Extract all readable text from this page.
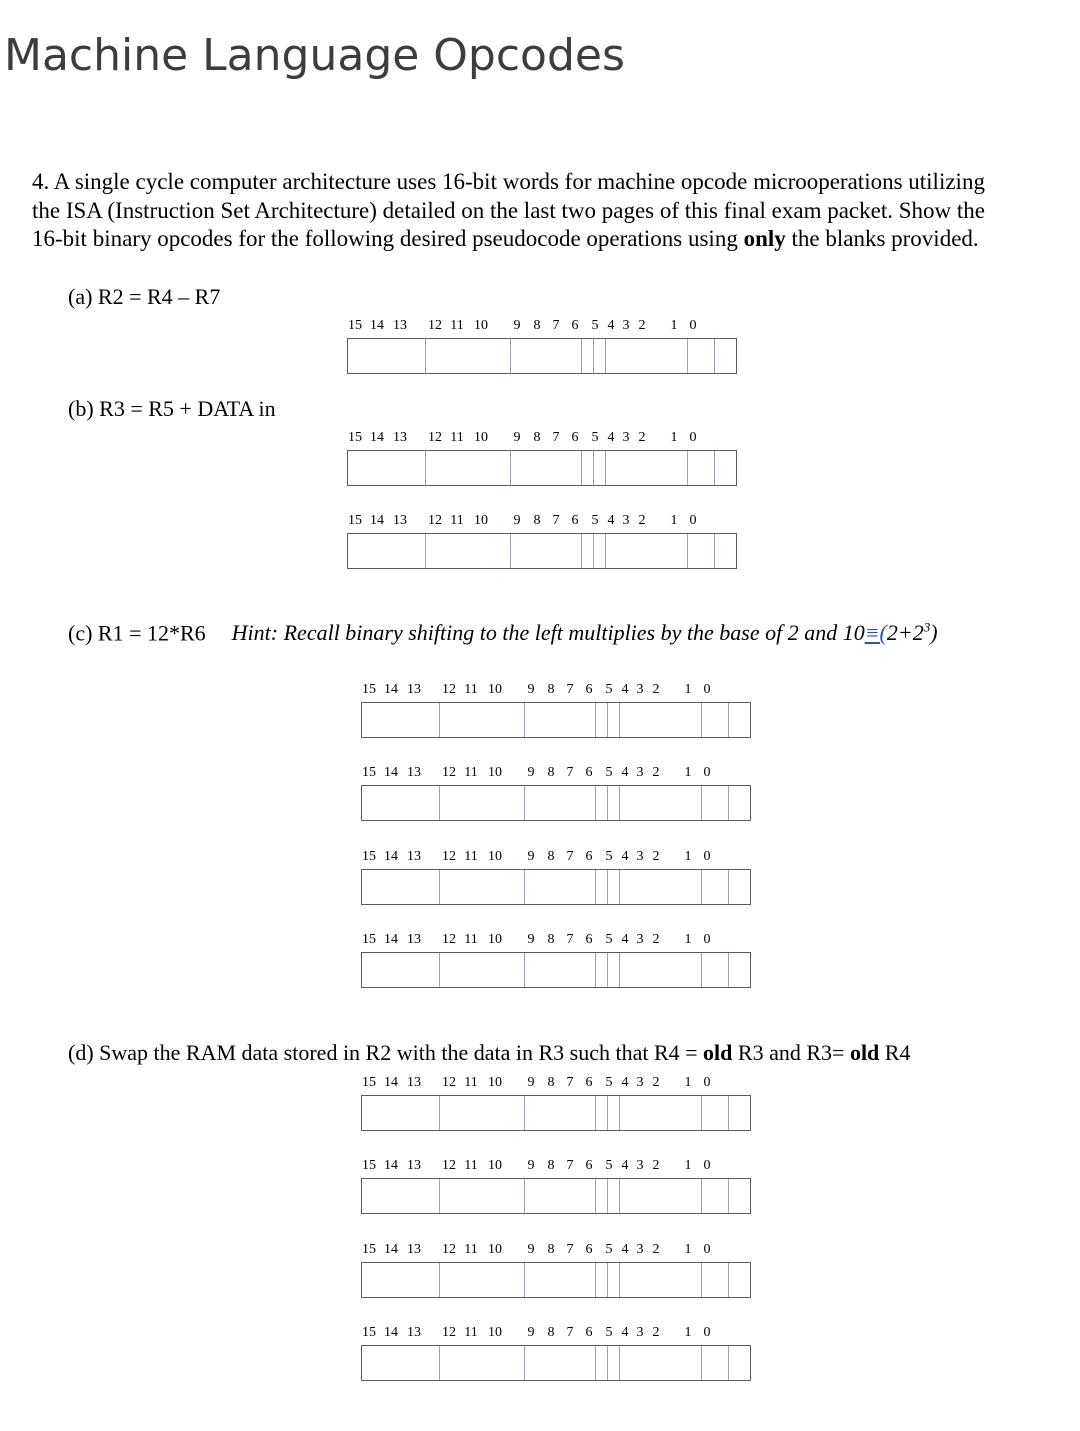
Machine Language Opcodes

4. A single cycle computer architecture uses 16-bit words for machine opcode microoperations utilizing

the ISA (Instruction Set Architecture) detailed on the last two pages of this final exam packet. Show the

16-bit binary opcodes for the following desired pseudocode operations using only the blanks provided.

(a) R2 = R4 – R7
(b) R3 = R5 + DATA in
(c) R1 = 12*R6 Hint: Recall binary shifting to the left multiplies by the base of 2 and $10\equiv(2+2^3)$
(d) Swap the RAM data stored in R2 with the data in R3 such that R4 = old R3 and R3= old R4
15 14 13 12 11 10 9 8 7 6 5 4 3 2 1 0
15 14 13 12 11 10 9 8 7 6 5 4 3 2 1 0
15 14 13 12 11 10 9 8 7 6 5 4 3 2 1 0
15 14 13 12 11 10 9 8 7 6 5 4 3 2 1 0
15 14 13 12 11 10 9 8 7 6 5 4 3 2 1 0
15 14 13 12 11 10 9 8 7 6 5 4 3 2 1 0
15 14 13 12 11 10 9 8 7 6 5 4 3 2 1 0
15 14 13 12 11 10 9 8 7 6 5 4 3 2 1 0
15 14 13 12 11 10 9 8 7 6 5 4 3 2 1 0
15 14 13 12 11 10 9 8 7 6 5 4 3 2 1 0
15 14 13 12 11 10 9 8 7 6 5 4 3 2 1 0
